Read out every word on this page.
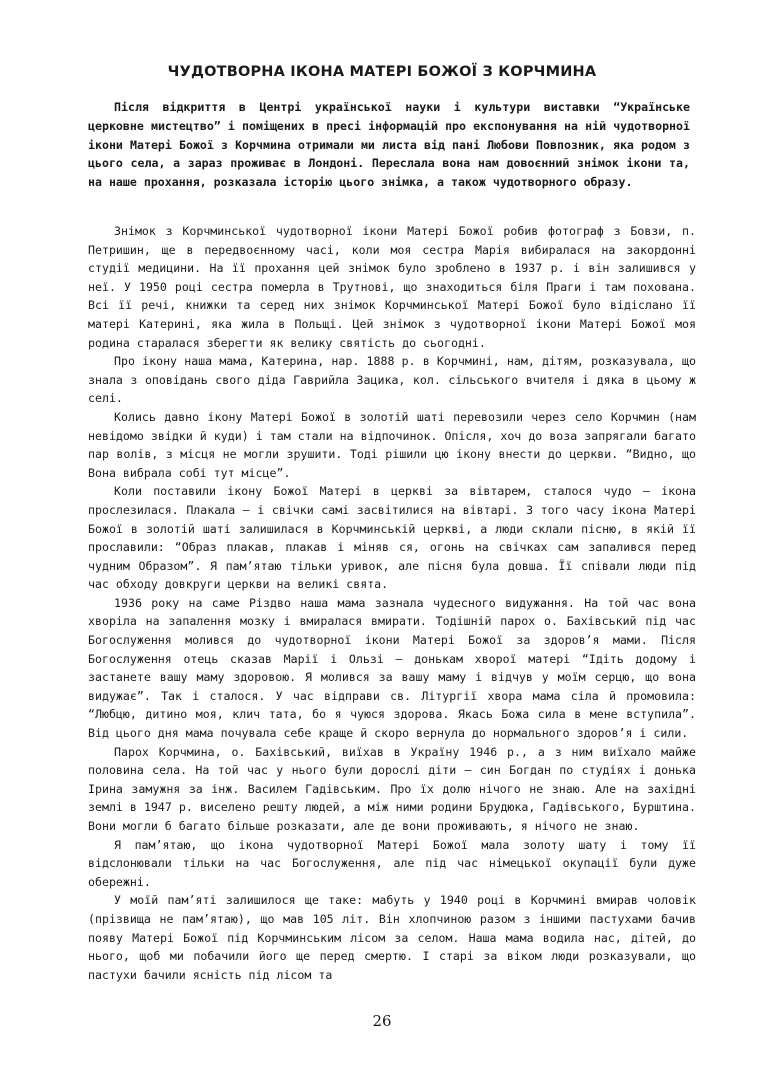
ЧУДОТВОРНА ІКОНА МАТЕРІ БОЖОЇ З КОРЧМИНА

Після відкриття в Центрі української науки і культури виставки “Українське церковне мистецтво” і поміщених в пресі інформацій про експонування на ній чудотворної ікони Матері Божої з Корчмина отримали ми листа від пані Любови Повпозник, яка родом з цього села, а зараз проживає в Лондоні. Переслала вона нам довоєнний знімок ікони та, на наше прохання, розказала історію цього знімка, а також чудотворного образу.

Знімок з Корчминської чудотворної ікони Матері Божої робив фотограф з Бовзи, п. Петришин, ще в передвоєнному часі, коли моя сестра Марія вибиралася на закордонні студії медицини. На її прохання цей знімок було зроблено в 1937 р. і він залишився у неї. У 1950 році сестра померла в Трутнові, що знаходиться біля Праги і там похована. Всі її речі, книжки та серед них знімок Корчминської Матері Божої було відіслано її матері Катерині, яка жила в Польщі. Цей знімок з чудотворної ікони Матері Божої моя родина старалася зберегти як велику святість до сьогодні.

Про ікону наша мама, Катерина, нар. 1888 р. в Корчмині, нам, дітям, розказувала, що знала з оповідань свого діда Гаврийла Зацика, кол. сільського вчителя і дяка в цьому ж селі.

Колись давно ікону Матері Божої в золотій шаті перевозили через село Корчмин (нам невідомо звідки й куди) і там стали на відпочинок. Опісля, хоч до воза запрягали багато пар волів, з місця не могли зрушити. Тоді рішили цю ікону внести до церкви. “Видно, що Вона вибрала собі тут місце”.

Коли поставили ікону Божої Матері в церкві за вівтарем, сталося чудо – ікона прослезилася. Плакала – і свічки самі засвітилися на вівтарі. З того часу ікона Матері Божої в золотій шаті залишилася в Корчминській церкві, а люди склали пісню, в якій її прославили: “Образ плакав, плакав і міняв ся, огонь на свічках сам запалився перед чудним Образом”. Я пам’ятаю тільки уривок, але пісня була довша. Її співали люди під час обходу довкруги церкви на великі свята.

1936 року на саме Різдво наша мама зазнала чудесного видужання. На той час вона хворіла на запалення мозку і вмиралася вмирати. Тодішній парох о. Бахівський під час Богослуження молився до чудотворної ікони Матері Божої за здоров’я мами. Після Богослуження отець сказав Марії і Ользі – донькам хворої матері “Ідіть додому і застанете вашу маму здоровою. Я молився за вашу маму і відчув у моїм серцю, що вона видужає”. Так і сталося. У час відправи св. Літургії хвора мама сіла й промовила: “Любцю, дитино моя, клич тата, бо я чуюся здорова. Якась Божа сила в мене вступила”. Від цього дня мама почувала себе краще й скоро вернула до нормального здоров’я і сили.

Парох Корчмина, о. Бахівський, виїхав в Україну 1946 р., а з ним виїхало майже половина села. На той час у нього були дорослі діти – син Богдан по студіях і донька Ірина замужня за інж. Василем Гадівським. Про їх долю нічого не знаю. Але на західні землі в 1947 р. виселено решту людей, а між ними родини Брудюка, Гадівського, Бурштина. Вони могли б багато більше розказати, але де вони проживають, я нічого не знаю.

Я пам’ятаю, що ікона чудотворної Матері Божої мала золоту шату і тому її відслонювали тільки на час Богослуження, але під час німецької окупації були дуже обережні.

У моїй пам’яті залишилося ще таке: мабуть у 1940 році в Корчмині вмирав чоловік (прізвища не пам’ятаю), що мав 105 літ. Він хлопчиною разом з іншими пастухами бачив появу Матері Божої під Корчминським лісом за селом. Наша мама водила нас, дітей, до нього, щоб ми побачили його ще перед смертю. І старі за віком люди розказували, що пастухи бачили ясність під лісом та

26
